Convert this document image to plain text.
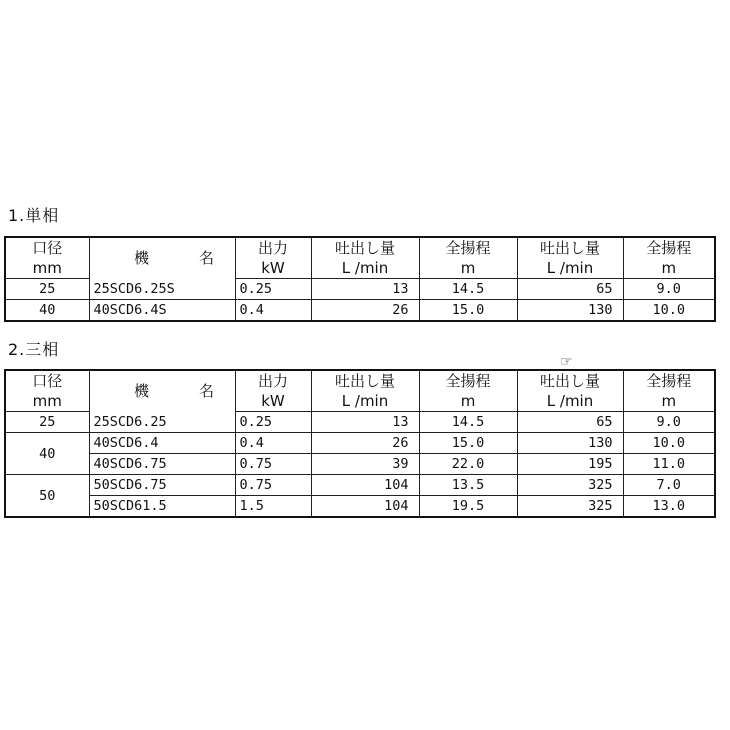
1.単相
口径	機 名	出力	吐出し量	全揚程	吐出し量	全揚程
mm		kW	L /min	m	L /min	m
25	25SCD6.25S	0.25	13	14.5	65	9.0
40	40SCD6.4S	0.4	26	15.0	130	10.0
2.三相
☞
口径	機 名	出力	吐出し量	全揚程	吐出し量	全揚程
mm		kW	L /min	m	L /min	m
25	25SCD6.25	0.25	13	14.5	65	9.0
40	40SCD6.4	0.4	26	15.0	130	10.0
	40SCD6.75	0.75	39	22.0	195	11.0
50	50SCD6.75	0.75	104	13.5	325	7.0
	50SCD61.5	1.5	104	19.5	325	13.0
